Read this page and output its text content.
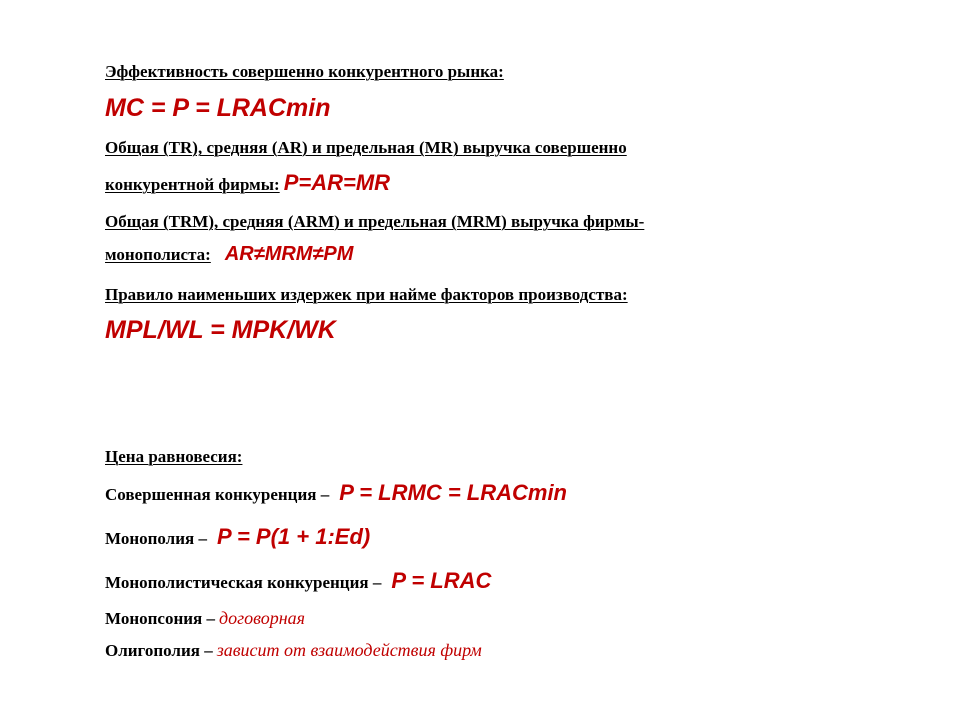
Эффективность совершенно конкурентного рынка:
MC = P = LRACmin
Общая (TR), средняя (AR) и предельная (MR) выручка совершенно
конкурентной фирмы: P=AR=MR
Общая (TRM), средняя (ARM) и предельная (MRM) выручка фирмы-
монополиста: AR≠MRM≠PM
Правило наименьших издержек при найме факторов производства:
MPL/WL = MPK/WK
Цена равновесия:
Совершенная конкуренция – P = LRMC = LRACmin
Монополия – P = P(1 + 1:Ed)
Монополистическая конкуренция – P = LRAC
Монопсония – договорная
Олигополия – зависит от взаимодействия фирм
